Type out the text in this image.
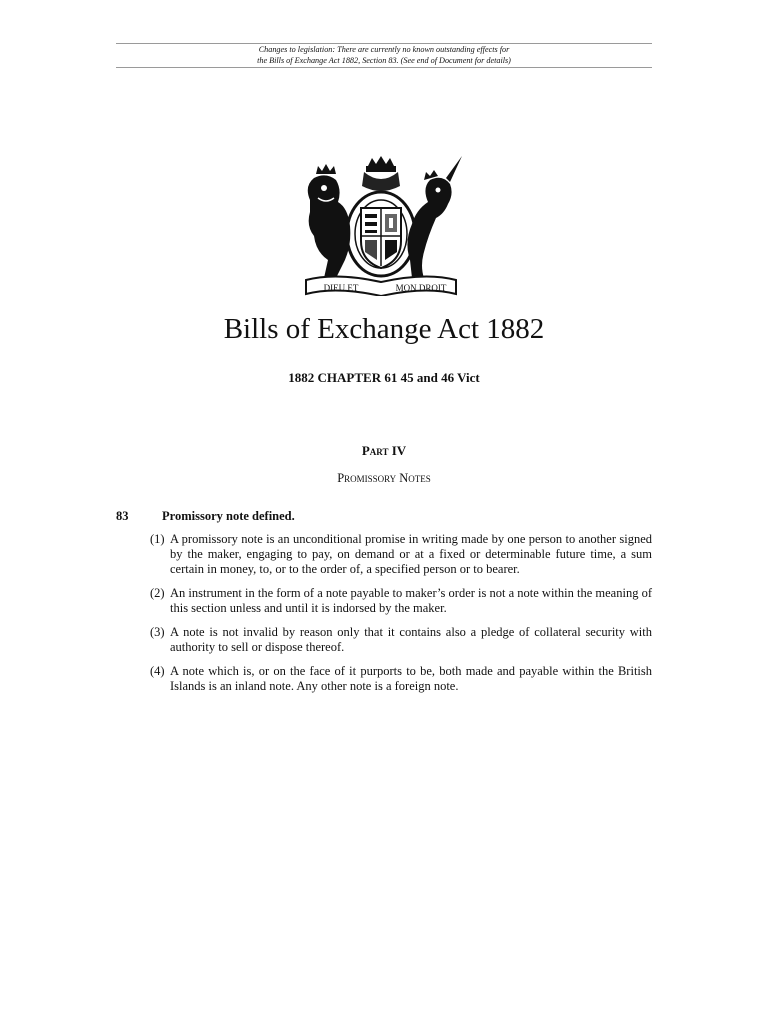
Changes to legislation: There are currently no known outstanding effects for
the Bills of Exchange Act 1882, Section 83. (See end of Document for details)
DIEU ET	MON DROIT
Bills of Exchange Act 1882
1882 CHAPTER 61 45 and 46 Vict
Part IV
Promissory Notes
83	Promissory note defined.
(1) A promissory note is an unconditional promise in writing made by one person to another signed by the maker, engaging to pay, on demand or at a fixed or determinable future time, a sum certain in money, to, or to the order of, a specified person or to bearer.
(2) An instrument in the form of a note payable to maker’s order is not a note within the meaning of this section unless and until it is indorsed by the maker.
(3) A note is not invalid by reason only that it contains also a pledge of collateral security with authority to sell or dispose thereof.
(4) A note which is, or on the face of it purports to be, both made and payable within the British Islands is an inland note. Any other note is a foreign note.
